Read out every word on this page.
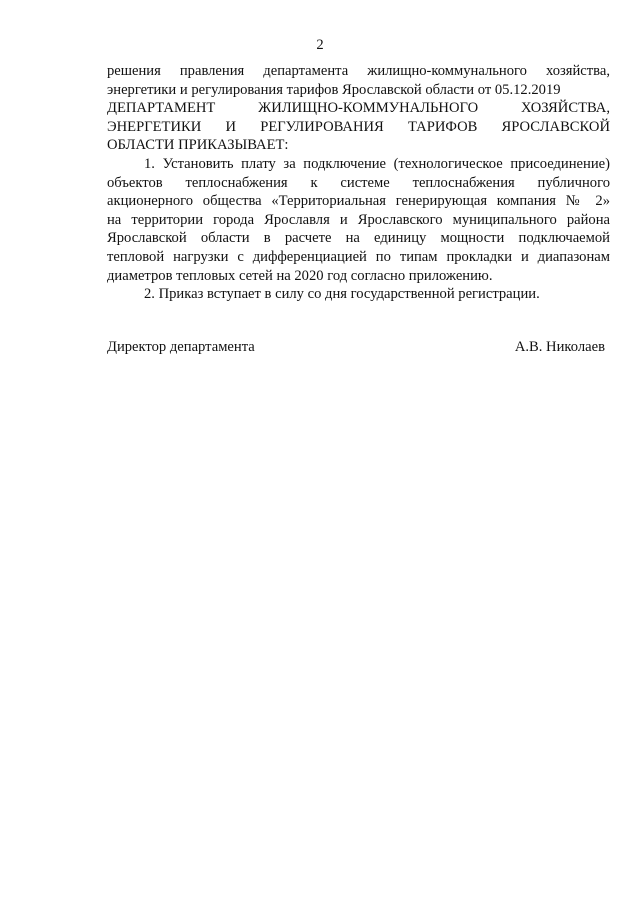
2
решения правления департамента жилищно-коммунального хозяйства,
энергетики и регулирования тарифов Ярославской области от 05.12.2019
ДЕПАРТАМЕНТ ЖИЛИЩНО-КОММУНАЛЬНОГО ХОЗЯЙСТВА,
ЭНЕРГЕТИКИ И РЕГУЛИРОВАНИЯ ТАРИФОВ ЯРОСЛАВСКОЙ
ОБЛАСТИ ПРИКАЗЫВАЕТ:
1. Установить плату за подключение (технологическое присоединение)
объектов теплоснабжения к системе теплоснабжения публичного
акционерного общества «Территориальная генерирующая компания № 2»
на территории города Ярославля и Ярославского муниципального района
Ярославской области в расчете на единицу мощности подключаемой
тепловой нагрузки с дифференциацией по типам прокладки и диапазонам
диаметров тепловых сетей на 2020 год согласно приложению.
2. Приказ вступает в силу со дня государственной регистрации.
Директор департамента	А.В. Николаев
